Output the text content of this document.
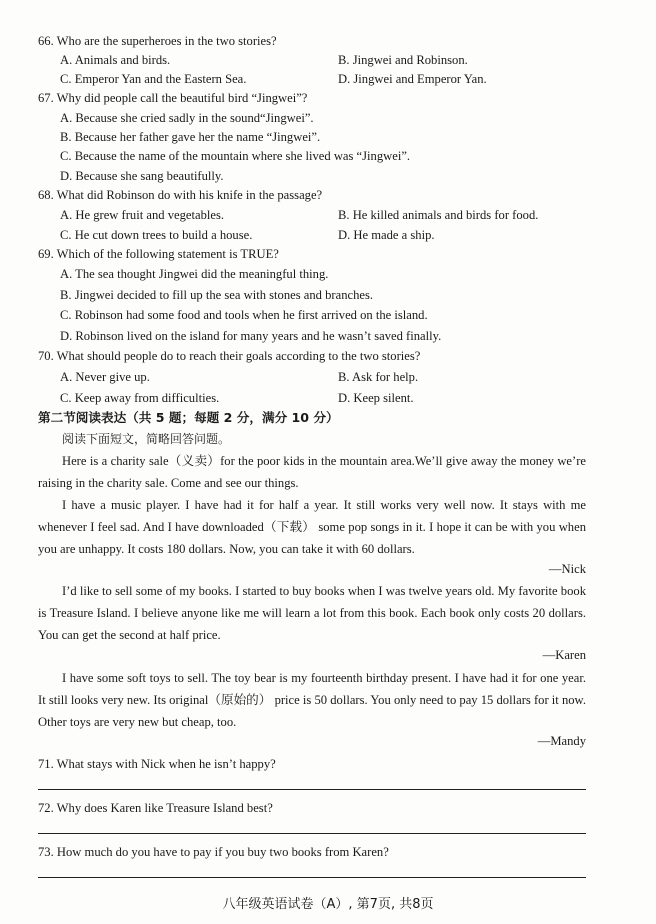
66. Who are the superheroes in the two stories?
A. Animals and birds.	B. Jingwei and Robinson.
C. Emperor Yan and the Eastern Sea.	D. Jingwei and Emperor Yan.
67. Why did people call the beautiful bird “Jingwei”?
A. Because she cried sadly in the sound“Jingwei”.
B. Because her father gave her the name “Jingwei”.
C. Because the name of the mountain where she lived was “Jingwei”.
D. Because she sang beautifully.
68. What did Robinson do with his knife in the passage?
A. He grew fruit and vegetables.	B. He killed animals and birds for food.
C. He cut down trees to build a house.	D. He made a ship.
69. Which of the following statement is TRUE?
A. The sea thought Jingwei did the meaningful thing.
B. Jingwei decided to fill up the sea with stones and branches.
C. Robinson had some food and tools when he first arrived on the island.
D. Robinson lived on the island for many years and he wasn’t saved finally.
70. What should people do to reach their goals according to the two stories?
A. Never give up.	B. Ask for help.
C. Keep away from difficulties.	D. Keep silent.
第二节阅读表达（共 5 题；每题 2 分，满分 10 分）
阅读下面短文，简略回答问题。

Here is a charity sale（义卖）for the poor kids in the mountain area.We’ll give away the money we’re raising in the charity sale. Come and see our things.

I have a music player. I have had it for half a year. It still works very well now. It stays with me whenever I feel sad. And I have downloaded（下载） some pop songs in it. I hope it can be with you when you are unhappy. It costs 180 dollars. Now, you can take it with 60 dollars.

—Nick

I’d like to sell some of my books. I started to buy books when I was twelve years old. My favorite book is Treasure Island. I believe anyone like me will learn a lot from this book. Each book only costs 20 dollars. You can get the second at half price.

—Karen

I have some soft toys to sell. The toy bear is my fourteenth birthday present. I have had it for one year. It still looks very new. Its original（原始的） price is 50 dollars. You only need to pay 15 dollars for it now. Other toys are very new but cheap, too.

—Mandy
71. What stays with Nick when he isn’t happy?
72. Why does Karen like Treasure Island best?
73. How much do you have to pay if you buy two books from Karen?
八年级英语试卷（A）, 第7页, 共8页
